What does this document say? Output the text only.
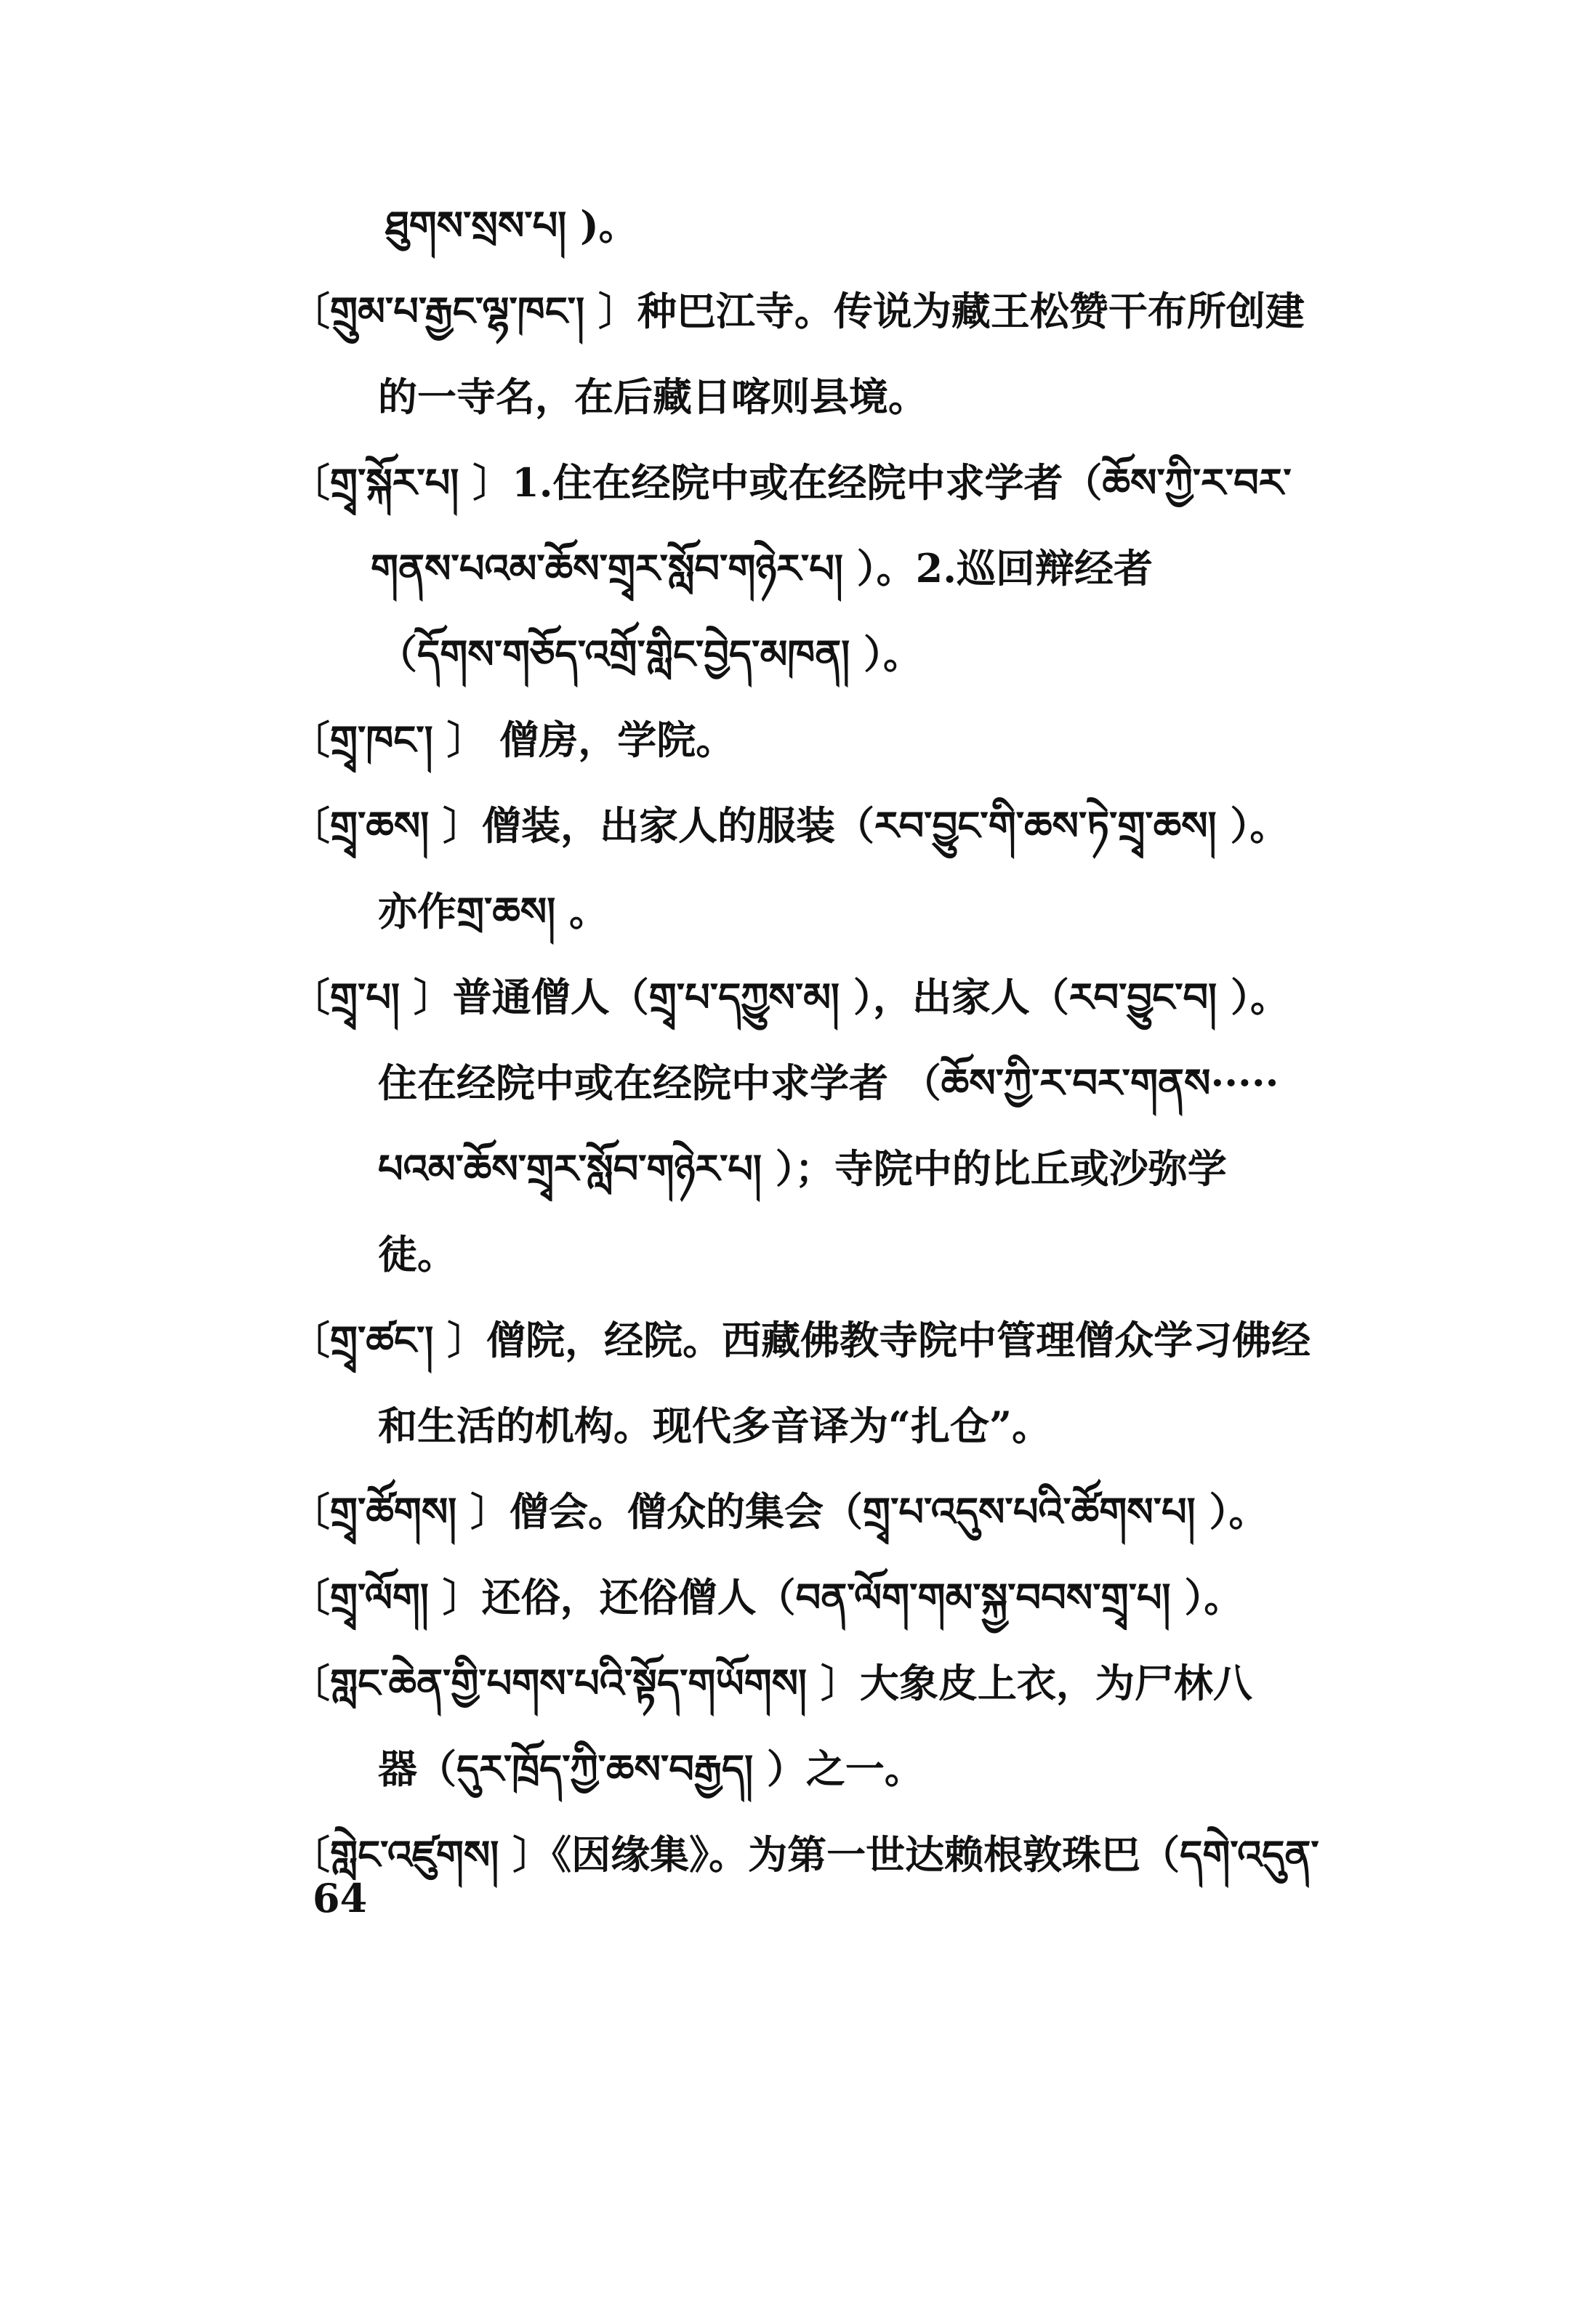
ཐུགས་སྲས་པ། )。
〔གྲུམ་པ་རྒྱང་ལྷ་ཁང་། 〕种巴江寺。传说为藏王松赞干布所创建
的一寺名，在后藏日喀则县境。
〔གྲྭ་སྐོར་པ། 〕1.住在经院中或在经院中求学者（ཆོས་ཀྱི་ར་བར་
གནས་པའམ་ཆོས་གྲྭར་སློབ་གཉེར་པ། ）。2.巡回辩经者
（དོགས་གཅོད་འགྲོ་གླིང་བྱེད་མཁན། ）。
〔གྲྭ་ཁང་། 〕 僧房，学院。
〔གྲྭ་ཆས། 〕僧装，出家人的服装（རབ་བྱུང་གི་ཆས་ཏེ་གྲྭ་ཆས། ）。
亦作གྲ་ཆས། 。
〔གྲྭ་པ། 〕普通僧人（གྲྭ་པ་དཀྱུས་མ། ），出家人（རབ་བྱུང་བ། ）。
住在经院中或在经院中求学者 （ཆོས་ཀྱི་ར་བར་གནས·····
པའམ་ཆོས་གྲྭར་སློབ་གཉེར་པ། ）；寺院中的比丘或沙弥学
徒。
〔གྲྭ་ཚང་། 〕僧院，经院。西藏佛教寺院中管理僧众学习佛经
和生活的机构。现代多音译为“扎仓”。
〔གྲྭ་ཚོགས། 〕僧会。僧众的集会（གྲྭ་པ་འདུས་པའི་ཚོགས་པ། ）。
〔གྲྭ་ལོག། 〕还俗，还俗僧人（བན་ལོག་གམ་སྐྱ་བབས་གྲྭ་པ། ）。
〔གླང་ཆེན་གྱི་པགས་པའི་སྟོད་གཡོགས། 〕大象皮上衣，为尸林八
器（དུར་ཁྲོད་ཀྱི་ཆས་བརྒྱད། ）之一。
〔གླེང་འཛུགས། 〕《因缘集》。为第一世达赖根敦珠巴（དགེ་འདུན་
64
